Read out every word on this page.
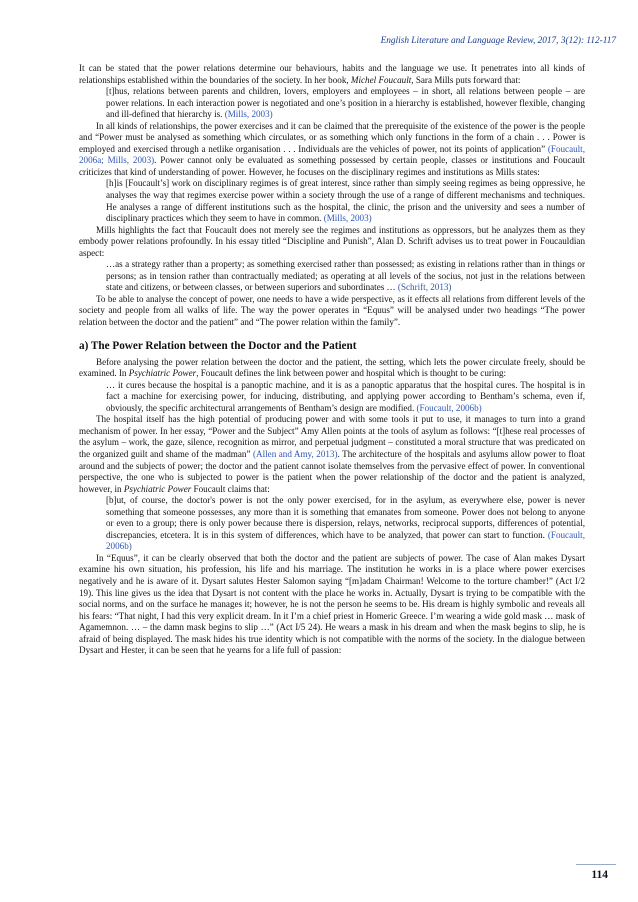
English Literature and Language Review, 2017, 3(12): 112-117

It can be stated that the power relations determine our behaviours, habits and the language we use. It penetrates into all kinds of relationships established within the boundaries of the society. In her book, Michel Foucault, Sara Mills puts forward that:

[t]hus, relations between parents and children, lovers, employers and employees – in short, all relations between people – are power relations. In each interaction power is negotiated and one’s position in a hierarchy is established, however flexible, changing and ill-defined that hierarchy is. (Mills, 2003)

In all kinds of relationships, the power exercises and it can be claimed that the prerequisite of the existence of the power is the people and “Power must be analysed as something which circulates, or as something which only functions in the form of a chain . . . Power is employed and exercised through a netlike organisation . . . Individuals are the vehicles of power, not its points of application” (Foucault, 2006a; Mills, 2003). Power cannot only be evaluated as something possessed by certain people, classes or institutions and Foucault criticizes that kind of understanding of power. However, he focuses on the disciplinary regimes and institutions as Mills states:

[h]is [Foucault’s] work on disciplinary regimes is of great interest, since rather than simply seeing regimes as being oppressive, he analyses the way that regimes exercise power within a society through the use of a range of different mechanisms and techniques. He analyses a range of different institutions such as the hospital, the clinic, the prison and the university and sees a number of disciplinary practices which they seem to have in common. (Mills, 2003)

Mills highlights the fact that Foucault does not merely see the regimes and institutions as oppressors, but he analyzes them as they embody power relations profoundly. In his essay titled “Discipline and Punish”, Alan D. Schrift advises us to treat power in Foucauldian aspect:

…as a strategy rather than a property; as something exercised rather than possessed; as existing in relations rather than in things or persons; as in tension rather than contractually mediated; as operating at all levels of the socius, not just in the relations between state and citizens, or between classes, or between superiors and subordinates … (Schrift, 2013)

To be able to analyse the concept of power, one needs to have a wide perspective, as it effects all relations from different levels of the society and people from all walks of life. The way the power operates in “Equus” will be analysed under two headings “The power relation between the doctor and the patient” and “The power relation within the family”.

a) The Power Relation between the Doctor and the Patient

Before analysing the power relation between the doctor and the patient, the setting, which lets the power circulate freely, should be examined. In Psychiatric Power, Foucault defines the link between power and hospital which is thought to be curing:

… it cures because the hospital is a panoptic machine, and it is as a panoptic apparatus that the hospital cures. The hospital is in fact a machine for exercising power, for inducing, distributing, and applying power according to Bentham’s schema, even if, obviously, the specific architectural arrangements of Bentham’s design are modified. (Foucault, 2006b)

The hospital itself has the high potential of producing power and with some tools it put to use, it manages to turn into a grand mechanism of power. In her essay, “Power and the Subject” Amy Allen points at the tools of asylum as follows: “[t]hese real processes of the asylum – work, the gaze, silence, recognition as mirror, and perpetual judgment – constituted a moral structure that was predicated on the organized guilt and shame of the madman” (Allen and Amy, 2013). The architecture of the hospitals and asylums allow power to float around and the subjects of power; the doctor and the patient cannot isolate themselves from the pervasive effect of power. In conventional perspective, the one who is subjected to power is the patient when the power relationship of the doctor and the patient is analyzed, however, in Psychiatric Power Foucault claims that:

[b]ut, of course, the doctor's power is not the only power exercised, for in the asylum, as everywhere else, power is never something that someone possesses, any more than it is something that emanates from someone. Power does not belong to anyone or even to a group; there is only power because there is dispersion, relays, networks, reciprocal supports, differences of potential, discrepancies, etcetera. It is in this system of differences, which have to be analyzed, that power can start to function. (Foucault, 2006b)

In “Equus”, it can be clearly observed that both the doctor and the patient are subjects of power. The case of Alan makes Dysart examine his own situation, his profession, his life and his marriage. The institution he works in is a place where power exercises negatively and he is aware of it. Dysart salutes Hester Salomon saying “[m]adam Chairman! Welcome to the torture chamber!” (Act I/2 19). This line gives us the idea that Dysart is not content with the place he works in. Actually, Dysart is trying to be compatible with the social norms, and on the surface he manages it; however, he is not the person he seems to be. His dream is highly symbolic and reveals all his fears: “That night, I had this very explicit dream. In it I’m a chief priest in Homeric Greece. I’m wearing a wide gold mask … mask of Agamemnon. … – the damn mask begins to slip …” (Act I/5 24). He wears a mask in his dream and when the mask begins to slip, he is afraid of being displayed. The mask hides his true identity which is not compatible with the norms of the society. In the dialogue between Dysart and Hester, it can be seen that he yearns for a life full of passion:

114
